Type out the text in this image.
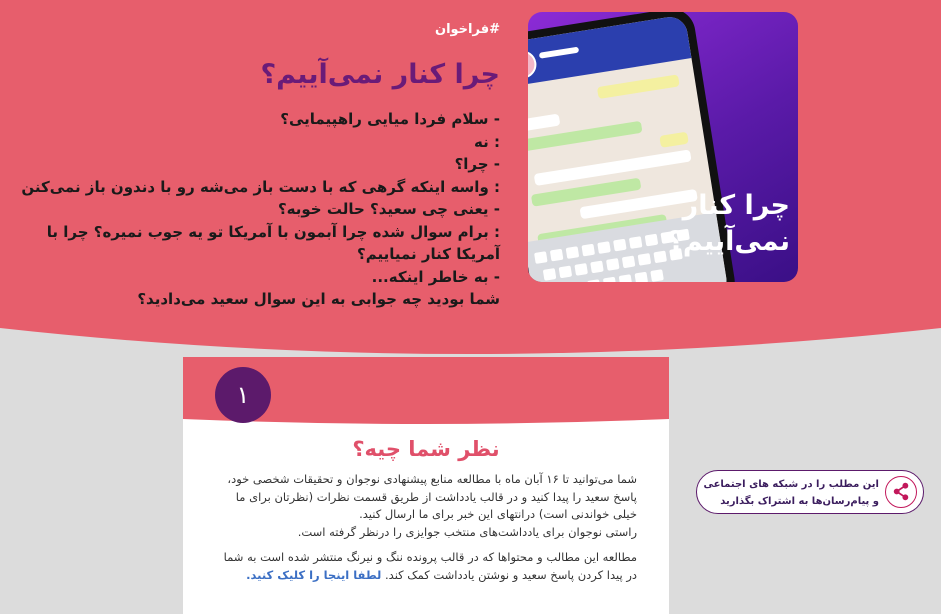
#فراخوان
چرا کنار نمی‌آییم؟
- سلام فردا میایی راهپیمایی؟
: نه
- چرا؟
: واسه اینکه گرهی که با دست باز می‌شه رو با دندون باز نمی‌کنن
- یعنی چی سعید؟ حالت خوبه؟
: برام سوال شده چرا آبمون با آمریکا تو یه جوب نمیره؟ چرا با آمریکا کنار نمیاییم؟
- به خاطر اینکه...
شما بودید چه جوابی به این سوال سعید می‌دادید؟
چرا کنار نمی‌آییم؟
۱
نظر شما چیه؟

شما می‌توانید تا ۱۶ آبان ماه با مطالعه منابع پیشنهادی نوجوان و تحقیقات شخصی خود، پاسخ سعید را پیدا کنید و در قالب یادداشت از طریق قسمت نظرات (نظرتان برای ما خیلی خواندنی است) درانتهای این خبر برای ما ارسال کنید.
راستی نوجوان برای یادداشت‌های منتخب جوایزی را درنظر گرفته است.

مطالعه این مطالب و محتواها که در قالب پرونده ننگ و نیرنگ منتشر شده است به شما در پیدا کردن پاسخ سعید و نوشتن یادداشت کمک کند. لطفا اینجا را کلیک کنید.

این مطلب را در شبکه های اجتماعی و پیام‌رسان‌ها به اشتراک بگذارید
